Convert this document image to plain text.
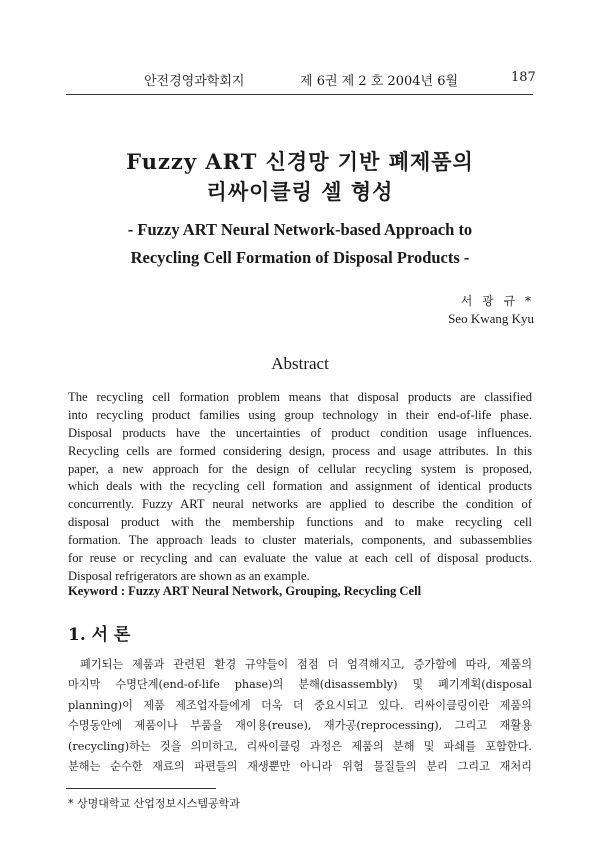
안전경영과학회지	제 6권 제 2 호 2004년 6월	187
Fuzzy ART 신경망 기반 폐제품의
리싸이클링 셀 형성
- Fuzzy ART Neural Network-based Approach to
Recycling Cell Formation of Disposal Products -
서 광 규 *
Seo Kwang Kyu
Abstract
The recycling cell formation problem means that disposal products are classified
into recycling product families using group technology in their end-of-life phase.
Disposal products have the uncertainties of product condition usage influences.
Recycling cells are formed considering design, process and usage attributes. In this
paper, a new approach for the design of cellular recycling system is proposed,
which deals with the recycling cell formation and assignment of identical products
concurrently. Fuzzy ART neural networks are applied to describe the condition of
disposal product with the membership functions and to make recycling cell
formation. The approach leads to cluster materials, components, and subassemblies
for reuse or recycling and can evaluate the value at each cell of disposal products.
Disposal refrigerators are shown as an example.
Keyword : Fuzzy ART Neural Network, Grouping, Recycling Cell
1. 서 론
폐기되는 제품과 관련된 환경 규약들이 점점 더 엄격해지고, 증가함에 따라, 제품의
마지막 수명단계(end-of-life phase)의 분해(disassembly) 및 폐기계획(disposal
planning)이 제품 제조업자들에게 더욱 더 중요시되고 있다. 리싸이클링이란 제품의
수명동안에 제품이나 부품을 재이용(reuse), 재가공(reprocessing), 그리고 재활용
(recycling)하는 것을 의미하고, 리싸이클링 과정은 제품의 분해 및 파쇄를 포함한다.
분해는 순수한 재료의 파편들의 재생뿐만 아니라 위험 물질들의 분리 그리고 재처리
* 상명대학교 산업정보시스템공학과
